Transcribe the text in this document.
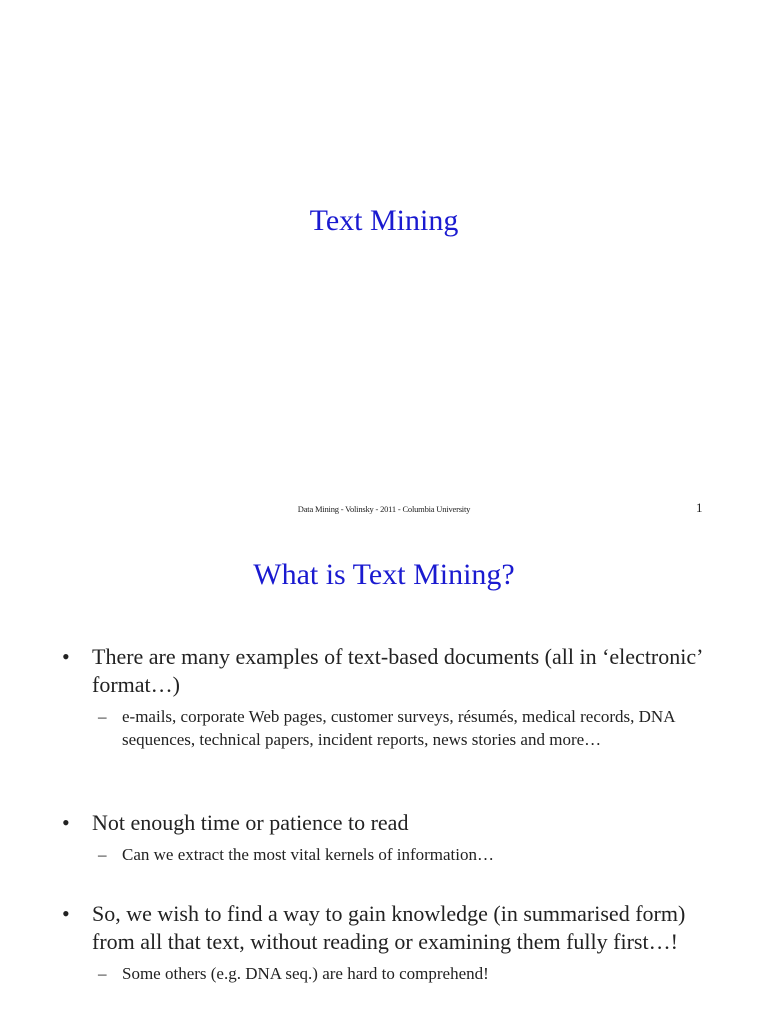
Text Mining
Data Mining - Volinsky - 2011 - Columbia University	1
What is Text Mining?
• There are many examples of text-based documents (all in ‘electronic’ format…)
– e-mails, corporate Web pages, customer surveys, résumés, medical records, DNA sequences, technical papers, incident reports, news stories and more…
• Not enough time or patience to read
– Can we extract the most vital kernels of information…
• So, we wish to find a way to gain knowledge (in summarised form) from all that text, without reading or examining them fully first…!
– Some others (e.g. DNA seq.) are hard to comprehend!
